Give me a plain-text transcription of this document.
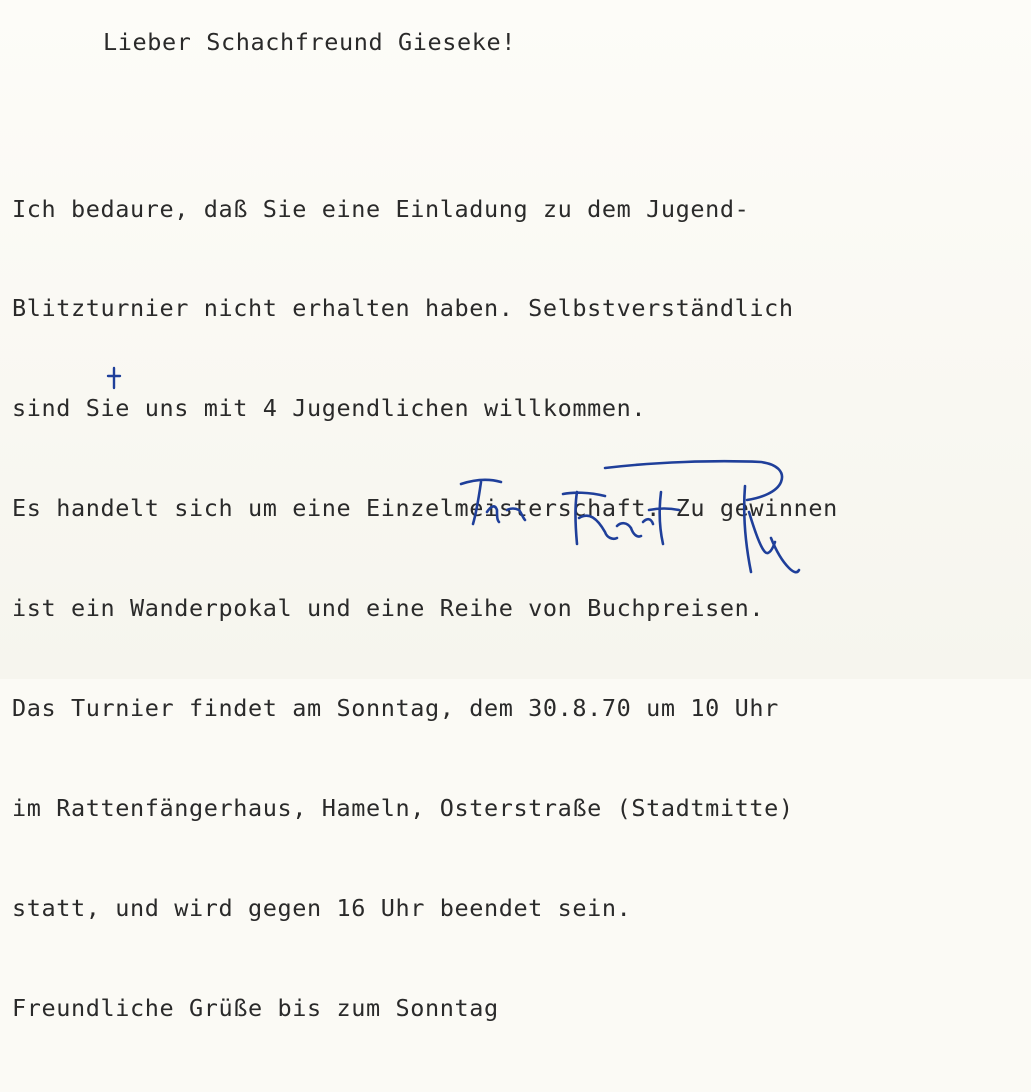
Lieber Schachfreund Gieseke!

Ich bedaure, daß Sie eine Einladung zu dem Jugend-

Blitzturnier nicht erhalten haben. Selbstverständlich

sind Sie uns mit 4 Jugendlichen willkommen.

Es handelt sich um eine Einzelmeisterschaft. Zu gewinnen

ist ein Wanderpokal und eine Reihe von Buchpreisen.

Das Turnier findet am Sonntag, dem 30.8.70 um 10 Uhr

im Rattenfängerhaus, Hameln, Osterstraße (Stadtmitte)

statt, und wird gegen 16 Uhr beendet sein.

Freundliche Grüße bis zum Sonntag
